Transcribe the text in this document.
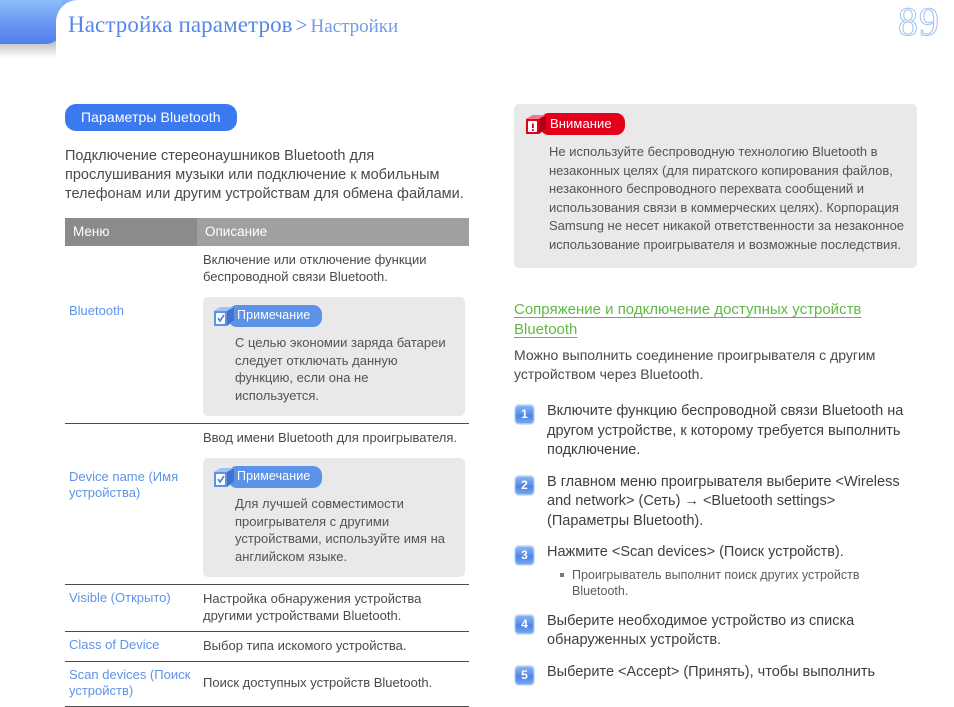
Настройка параметров > Настройки	89
Параметры Bluetooth
Подключение стереонаушников Bluetooth для прослушивания музыки или подключение к мобильным телефонам или другим устройствам для обмена файлами.
Меню	Описание

Bluetooth	Включение или отключение функции беспроводной связи Bluetooth.
Примечание
С целью экономии заряда батареи следует отключать данную функцию, если она не используется.

Device name (Имя устройства)	Ввод имени Bluetooth для проигрывателя.
Примечание
Для лучшей совместимости проигрывателя с другими устройствами, используйте имя на английском языке.

Visible (Открыто)	Настройка обнаружения устройства другими устройствами Bluetooth.
Class of Device	Выбор типа искомого устройства.
Scan devices (Поиск устройств)	Поиск доступных устройств Bluetooth.
Внимание
Не используйте беспроводную технологию Bluetooth в незаконных целях (для пиратского копирования файлов, незаконного беспроводного перехвата сообщений и использования связи в коммерческих целях). Корпорация Samsung не несет никакой ответственности за незаконное использование проигрывателя и возможные последствия.
Сопряжение и подключение доступных устройств Bluetooth
Можно выполнить соединение проигрывателя с другим устройством через Bluetooth.
1	Включите функцию беспроводной связи Bluetooth на другом устройстве, к которому требуется выполнить подключение.
2	В главном меню проигрывателя выберите <Wireless and network> (Сеть) → <Bluetooth settings> (Параметры Bluetooth).
3	Нажмите <Scan devices> (Поиск устройств).
Проигрыватель выполнит поиск других устройств Bluetooth.
4	Выберите необходимое устройство из списка обнаруженных устройств.
5	Выберите <Accept> (Принять), чтобы выполнить
